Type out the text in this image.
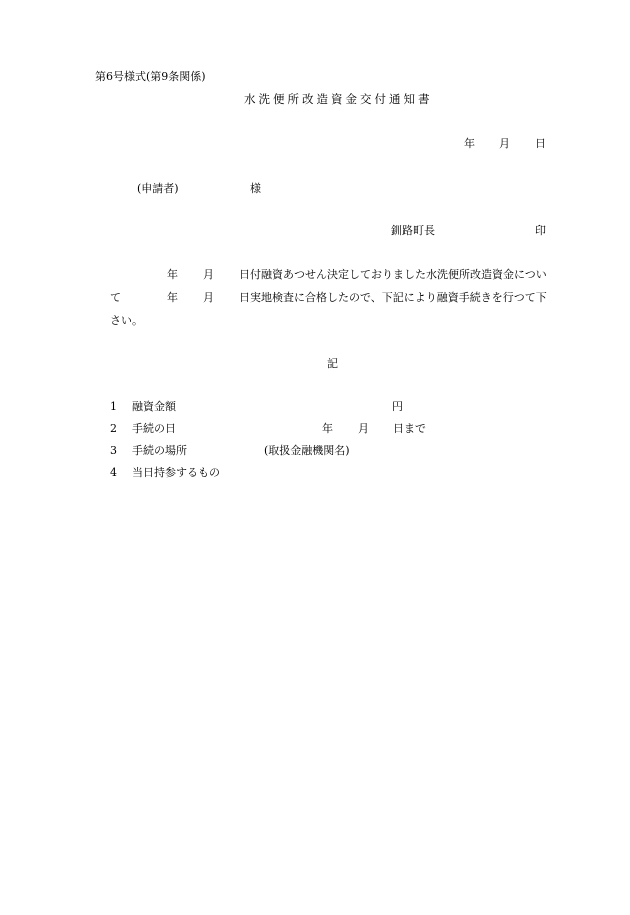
第6号様式(第9条関係)
水洗便所改造資金交付通知書
年 月 日
(申請者)	様
釧路町長	印
年 月 日付融資あつせん決定しておりました水洗便所改造資金につい
て	年 月 日実地検査に合格したので、下記により融資手続きを行つて下
さい。
記
1 融資金額	円
2 手続の日	年 月 日まで
3 手続の場所	(取扱金融機関名)
4 当日持参するもの
